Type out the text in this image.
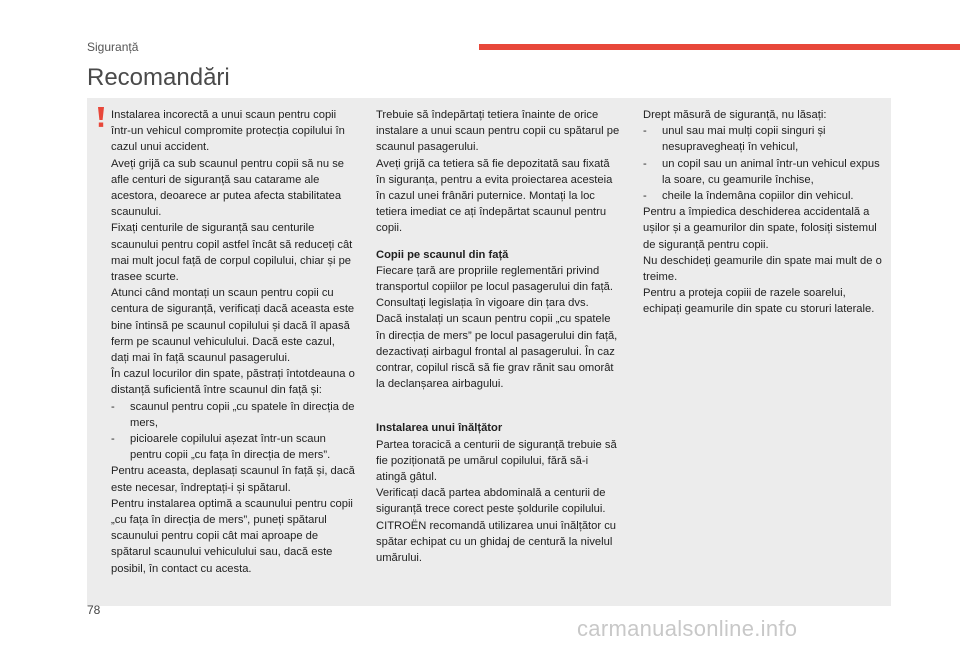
Siguranță
Recomandări

Instalarea incorectă a unui scaun pentru copii într-un vehicul compromite protecția copilului în cazul unui accident.

Aveți grijă ca sub scaunul pentru copii să nu se afle centuri de siguranță sau catarame ale acestora, deoarece ar putea afecta stabilitatea scaunului.

Fixați centurile de siguranță sau centurile scaunului pentru copil astfel încât să reduceți cât mai mult jocul față de corpul copilului, chiar și pe trasee scurte.

Atunci când montați un scaun pentru copii cu centura de siguranță, verificați dacă aceasta este bine întinsă pe scaunul copilului și dacă îl apasă ferm pe scaunul vehiculului. Dacă este cazul, dați mai în față scaunul pasagerului.

În cazul locurilor din spate, păstrați întotdeauna o distanță suficientă între scaunul din față și:

-	scaunul pentru copii „cu spatele în direcția de mers,
-	picioarele copilului așezat într-un scaun pentru copii „cu fața în direcția de mers”.

Pentru aceasta, deplasați scaunul în față și, dacă este necesar, îndreptați-i și spătarul.

Pentru instalarea optimă a scaunului pentru copii „cu fața în direcția de mers”, puneți spătarul scaunului pentru copii cât mai aproape de spătarul scaunului vehiculului sau, dacă este posibil, în contact cu acesta.

Trebuie să îndepărtați tetiera înainte de orice instalare a unui scaun pentru copii cu spătarul pe scaunul pasagerului.

Aveți grijă ca tetiera să fie depozitată sau fixată în siguranța, pentru a evita proiectarea acesteia în cazul unei frânări puternice. Montați la loc tetiera imediat ce ați îndepărtat scaunul pentru copii.

Copii pe scaunul din față

Fiecare țară are propriile reglementări privind transportul copiilor pe locul pasagerului din față. Consultați legislația în vigoare din țara dvs.

Dacă instalați un scaun pentru copii „cu spatele în direcția de mers” pe locul pasagerului din față, dezactivați airbagul frontal al pasagerului. În caz contrar, copilul riscă să fie grav rănit sau omorât la declanșarea airbagului.

Instalarea unui înălțător

Partea toracică a centurii de siguranță trebuie să fie poziționată pe umărul copilului, fără să-i atingă gâtul.

Verificați dacă partea abdominală a centurii de siguranță trece corect peste șoldurile copilului. CITROËN recomandă utilizarea unui înălțător cu spătar echipat cu un ghidaj de centură la nivelul umărului.

Drept măsură de siguranță, nu lăsați:

-	unul sau mai mulți copii singuri și nesupravegheați în vehicul,
-	un copil sau un animal într-un vehicul expus la soare, cu geamurile închise,
-	cheile la îndemâna copiilor din vehicul.

Pentru a împiedica deschiderea accidentală a ușilor și a geamurilor din spate, folosiți sistemul de siguranță pentru copii.

Nu deschideți geamurile din spate mai mult de o treime.

Pentru a proteja copiii de razele soarelui, echipați geamurile din spate cu storuri laterale.

78
carmanualsonline.info
